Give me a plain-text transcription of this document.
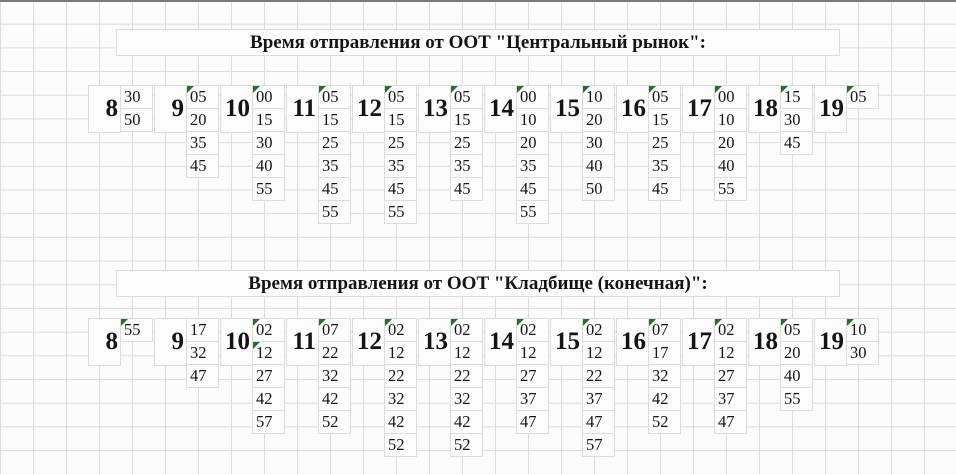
Время отправления от ООТ "Центральный рынок":
8 30
50	9 05
20
35
45
10 00
15
30
40
55
11 05
15
25
35
45
55
12 05
15
25
35
45
55
13 05
15
25
35
45
14 00
10
20
35
45
55
15 10
20
30
40
50
16 05
15
25
35
45
17 00
10
20
40
55
18 15
30
45
19 05
Время отправления от ООТ "Кладбище (конечная)":
8 55	9 17
32
47
10 02
12
27
42
57
11 07
22
32
42
52
12 02
12
22
32
42
52
13 02
12
22
32
42
52
14 02
12
27
37
47
15 02
12
22
37
47
57
16 07
17
32
42
52
17 02
12
27
37
47
18 05
20
40
55
19 10
30
